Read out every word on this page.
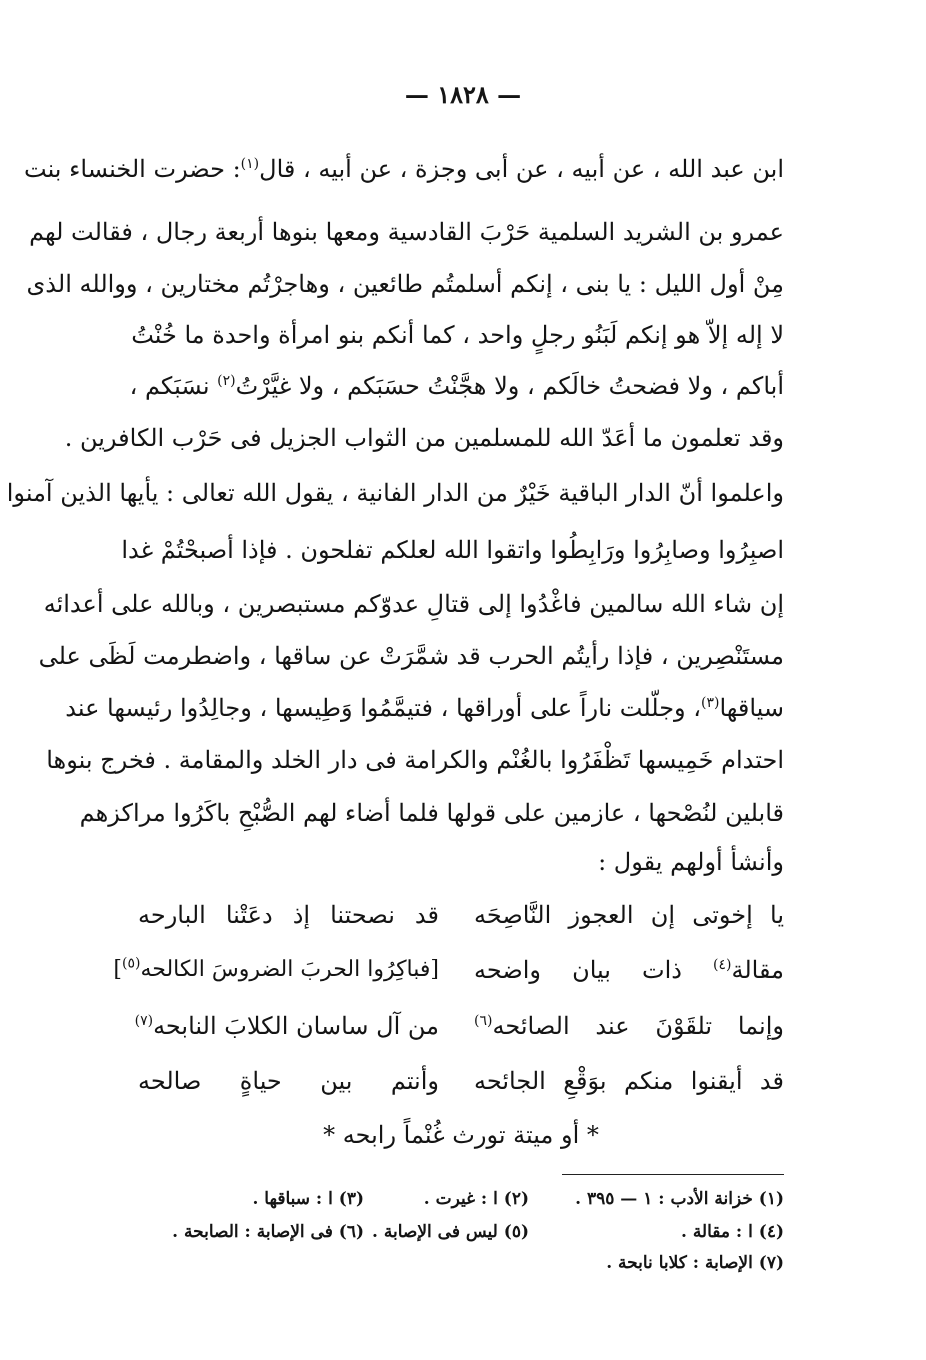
— ١٨٢٨ —
ابن عبد الله ، عن أبيه ، عن أبى وجزة ، عن أبيه ، قال$^{(١)}$: حضرت الخنساء بنت
عمرو بن الشريد السلمية حَرْبَ القادسية ومعها بنوها أربعة رجال ، فقالت لهم
مِنْ أول الليل : يا بنى ، إنكم أسلمتُم طائعين ، وهاجرْتُم مختارين ، ووالله الذى
لا إله إلاّ هو إنكم لَبَنُو رجلٍ واحد ، كما أنكم بنو امرأة واحدة ما خُنْتُ
أباكم ، ولا فضحتُ خالَكم ، ولا هجَّنْتُ حسَبَكم ، ولا غيَّرْتُ$^{(٢)}$ نسَبَكم ،
وقد تعلمون ما أعَدّ الله للمسلمين من الثواب الجزيل فى حَرْب الكافرين .
واعلموا أنّ الدار الباقية خَيْرٌ من الدار الفانية ، يقول الله تعالى : يأيها الذين آمنوا
اصبِرُوا وصابِرُوا ورَابِطُوا واتقوا الله لعلكم تفلحون . فإذا أصبحْتُمْ غدا
إن شاء الله سالمين فاغْدُوا إلى قتالِ عدوّكم مستبصرين ، وبالله على أعدائه
مستَنْصِرين ، فإذا رأيتُم الحرب قد شمَّرَتْ عن ساقها ، واضطرمت لَظَى على
سياقها$^{(٣)}$، وجلّلت ناراً على أوراقها ، فتيمَّمُوا وَطِيسها ، وجالِدُوا رئيسها عند
احتدام خَمِيسها تَظْفَرُوا بالغُنْم والكرامة فى دار الخلد والمقامة . فخرج بنوها
قابلين لنُصْحها ، عازمين على قولها فلما أضاء لهم الصُّبْحِ باكَرُوا مراكزهم
وأنشأ أولهم يقول :
يا إخوتى إن العجوز النَّاصِحَه
قد نصحتنا إذ دعَتْنا البارحه
مقالة$^{(٤)}$ ذات بيان واضحه
[فباكِرُوا الحربَ الضروسَ الكالحه$^{(٥)}$]
وإنما تلقَوْنَ عند الصائحه$^{(٦)}$
من آل ساسان الكلابَ النابحه$^{(٧)}$
قد أيقنوا منكم بوَقْعِ الجائحه
وأنتم بين حياةٍ صالحه
* أو ميتة تورث غُنْماً رابحه *
(١) خزانة الأدب : ١ — ٣٩٥ .
(٢) ا : غيرت .
(٣) ا : سباقها .
(٤) ا : مقالة .
(٥) ليس فى الإصابة .
(٦) فى الإصابة : الصابحة .
(٧) الإصابة : كلابا نابحة .
